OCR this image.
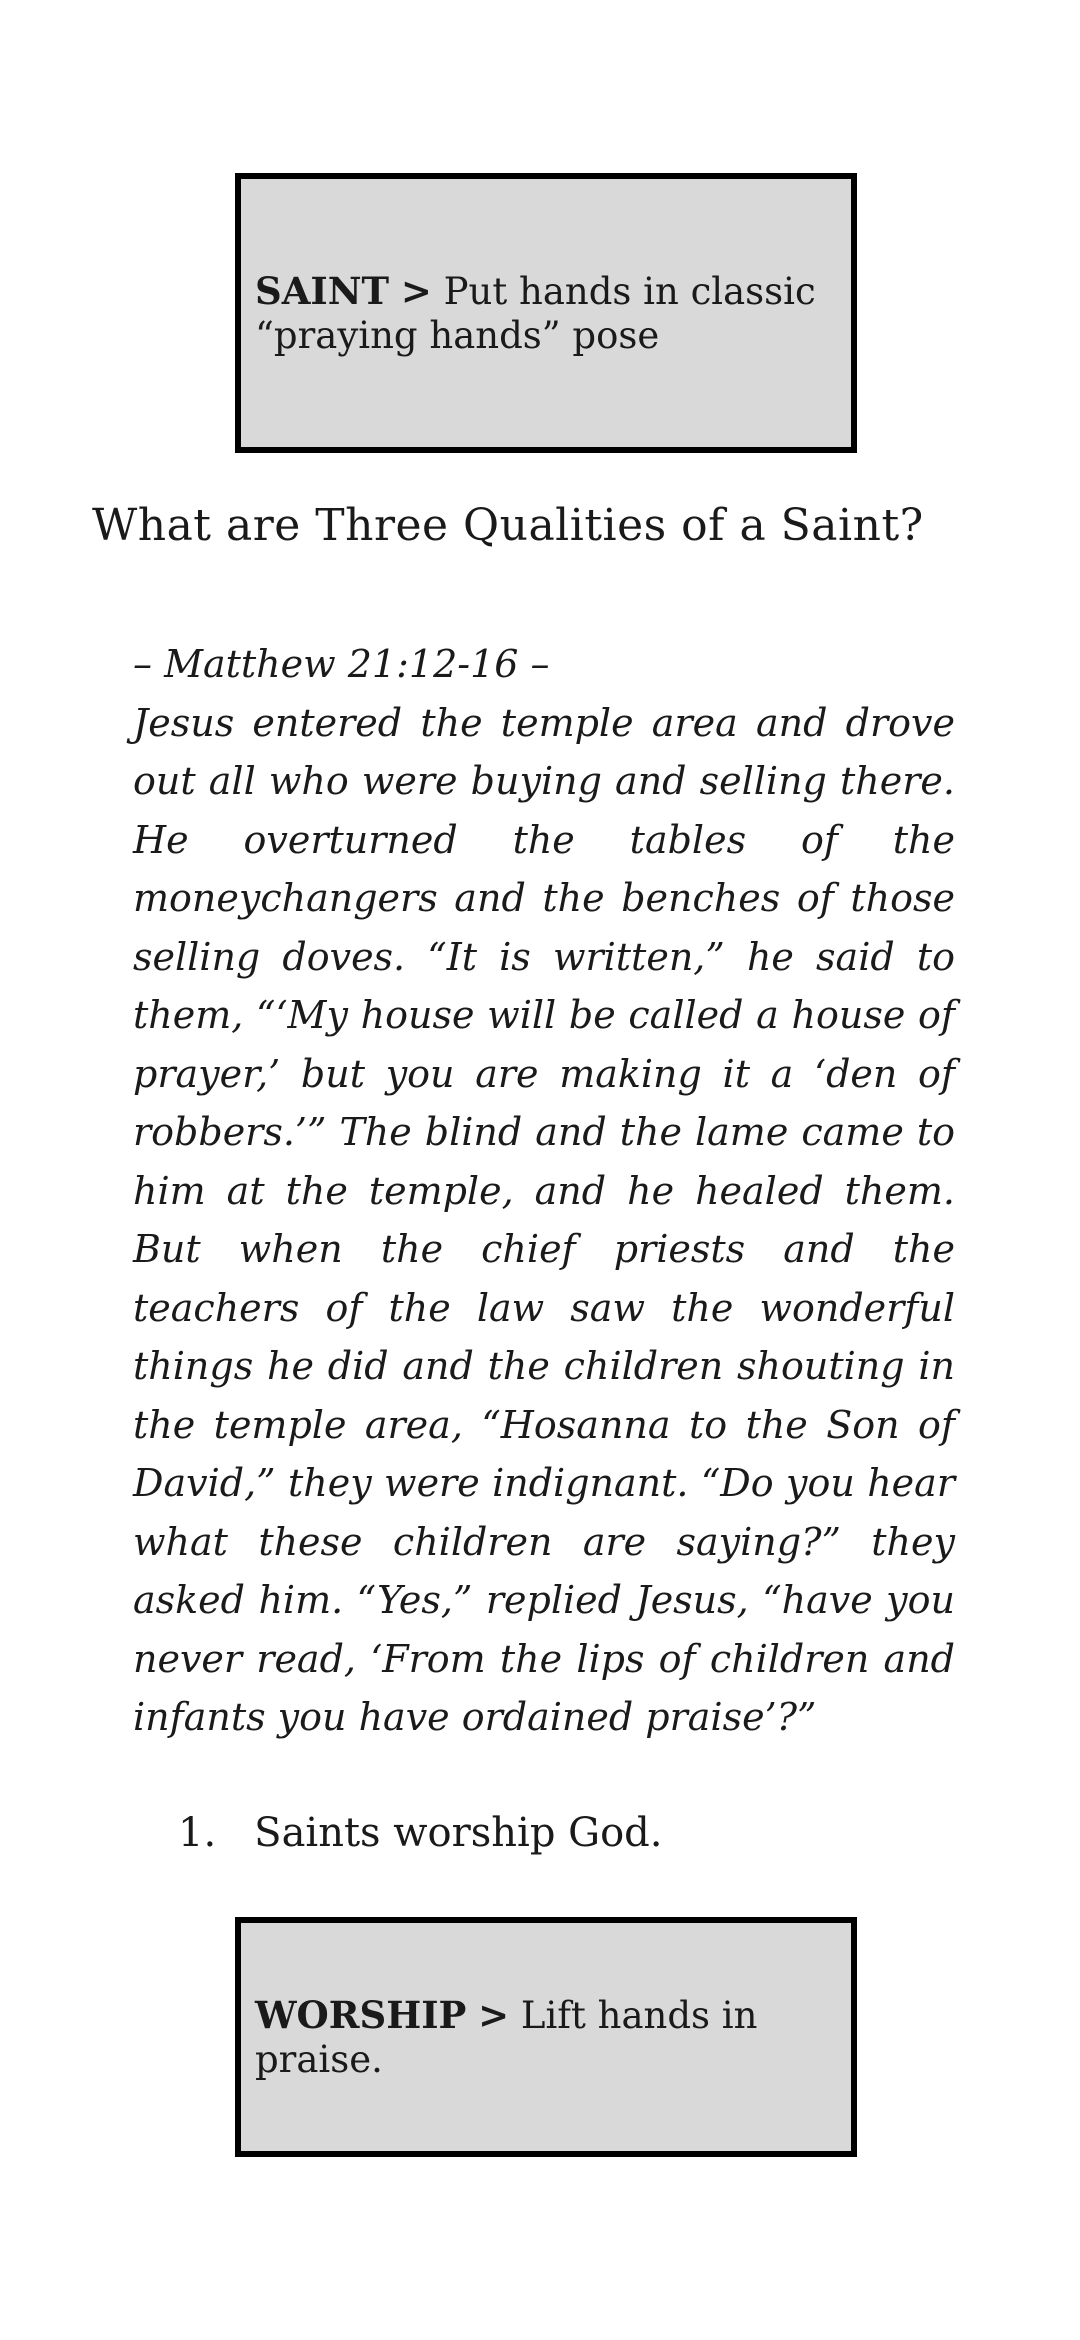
SAINT > Put hands in classic “praying hands” pose
What are Three Qualities of a Saint?

– Matthew 21:12-16 –
Jesus entered the temple area and drove out all who were buying and selling there. He overturned the tables of the moneychangers and the benches of those selling doves. “It is written,” he said to them, “‘My house will be called a house of prayer,’ but you are making it a ‘den of robbers.’” The blind and the lame came to him at the temple, and he healed them. But when the chief priests and the teachers of the law saw the wonderful things he did and the children shouting in the temple area, “Hosanna to the Son of David,” they were indignant. “Do you hear what these children are saying?” they asked him. “Yes,” replied Jesus, “have you never read, ‘From the lips of children and infants you have ordained praise’?”

1. Saints worship God.
WORSHIP > Lift hands in praise.
